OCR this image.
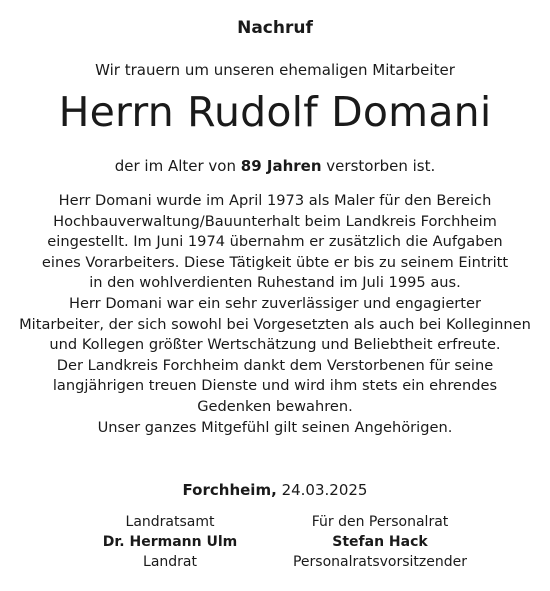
Nachruf
Wir trauern um unseren ehemaligen Mitarbeiter
Herrn Rudolf Domani
der im Alter von 89 Jahren verstorben ist.
Herr Domani wurde im April 1973 als Maler für den Bereich
Hochbauverwaltung/Bauunterhalt beim Landkreis Forchheim
eingestellt. Im Juni 1974 übernahm er zusätzlich die Aufgaben
eines Vorarbeiters. Diese Tätigkeit übte er bis zu seinem Eintritt
in den wohlverdienten Ruhestand im Juli 1995 aus.
Herr Domani war ein sehr zuverlässiger und engagierter
Mitarbeiter, der sich sowohl bei Vorgesetzten als auch bei Kolleginnen
und Kollegen größter Wertschätzung und Beliebtheit erfreute.
Der Landkreis Forchheim dankt dem Verstorbenen für seine
langjährigen treuen Dienste und wird ihm stets ein ehrendes
Gedenken bewahren.
Unser ganzes Mitgefühl gilt seinen Angehörigen.
Forchheim, 24.03.2025
Landratsamt
Dr. Hermann Ulm
Landrat
Für den Personalrat
Stefan Hack
Personalratsvorsitzender
